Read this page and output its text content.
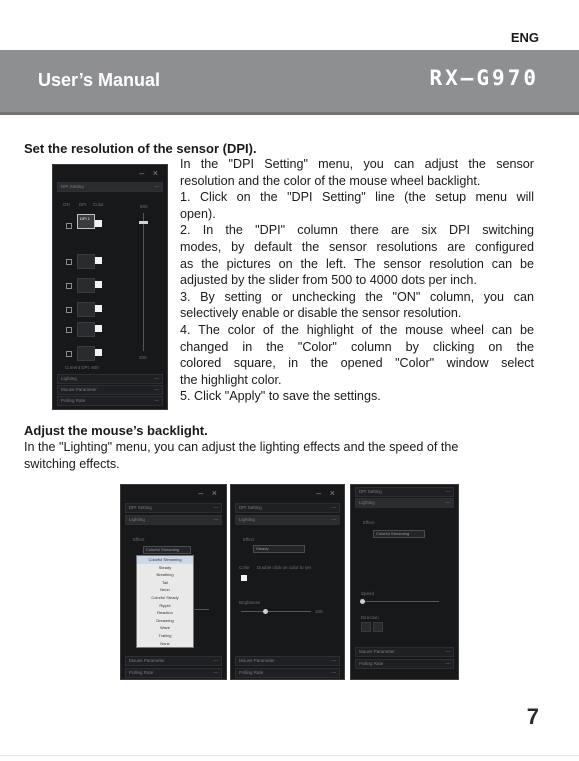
ENG
User’s Manual	RX–G970
Set the resolution of the sensor (DPI).
– ×
DPI Setting	—
ON DPI Color	800
DPI 1
400
Current DPI: 800
Lighting	—
Mouse Parameter	—
Polling Rate	—

In the "DPI Setting" menu, you can adjust the sensor

resolution and the color of the mouse wheel backlight.

1. Click on the "DPI Setting" line (the setup menu will

open).

2. In the "DPI" column there are six DPI switching

modes, by default the sensor resolutions are configured

as the pictures on the left. The sensor resolution can be

adjusted by the slider from 500 to 4000 dots per inch.

3. By setting or unchecking the "ON" column, you can

selectively enable or disable the sensor resolution.

4. The color of the highlight of the mouse wheel can be

changed in the "Color" column by clicking on the

colored square, in the opened "Color" window select

the highlight color.

5. Click "Apply" to save the settings.

Adjust the mouse’s backlight.
In the "Lighting" menu, you can adjust the lighting effects and the speed of the
switching effects.
– ×
DPI Setting	—
Lighting	—
Effect
Colorful Streaming
Colorful Streaming
Steady
Breathing
Tail
Neon
Colorful Steady
Ripple
Reaction
Dreaming
Wave
Trailing
None
Mouse Parameter	—
Polling Rate	—
– ×
DPI Setting	—
Lighting	—
Effect
Steady
Color Double click on color to set
Brightness
100
Mouse Parameter	—
Polling Rate	—
DPI Setting	—
Lighting	—
Effect
Colorful Streaming
Speed
Direction
Mouse Parameter	—
Polling Rate	—
7
